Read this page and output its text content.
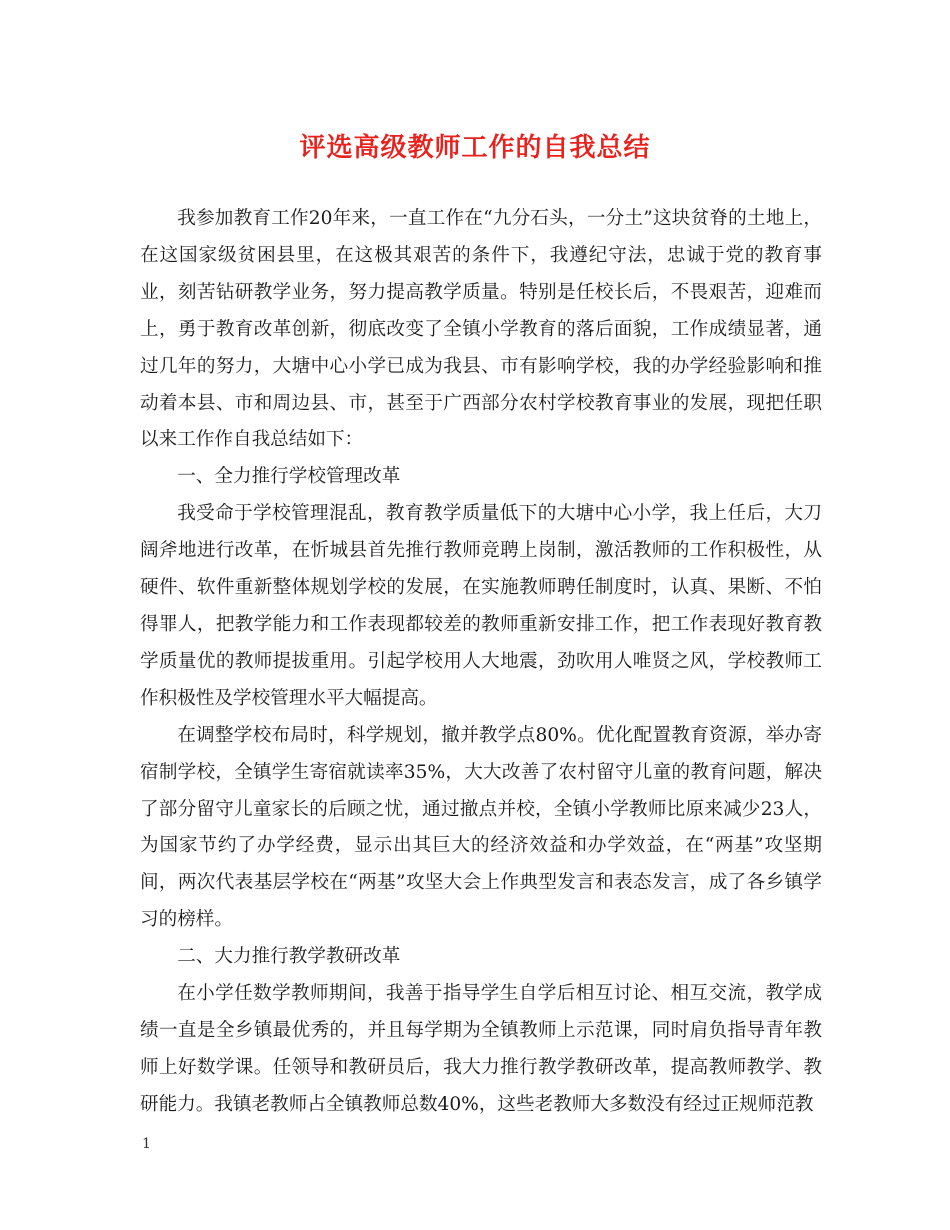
评选高级教师工作的自我总结

我参加教育工作20年来，一直工作在“九分石头，一分土”这块贫脊的土地上，在这国家级贫困县里，在这极其艰苦的条件下，我遵纪守法，忠诚于党的教育事业，刻苦钻研教学业务，努力提高教学质量。特别是任校长后，不畏艰苦，迎难而上，勇于教育改革创新，彻底改变了全镇小学教育的落后面貌，工作成绩显著，通过几年的努力，大塘中心小学已成为我县、市有影响学校，我的办学经验影响和推动着本县、市和周边县、市，甚至于广西部分农村学校教育事业的发展，现把任职以来工作作自我总结如下：

一、全力推行学校管理改革

我受命于学校管理混乱，教育教学质量低下的大塘中心小学，我上任后，大刀阔斧地进行改革，在忻城县首先推行教师竞聘上岗制，激活教师的工作积极性，从硬件、软件重新整体规划学校的发展，在实施教师聘任制度时，认真、果断、不怕得罪人，把教学能力和工作表现都较差的教师重新安排工作，把工作表现好教育教学质量优的教师提拔重用。引起学校用人大地震，劲吹用人唯贤之风，学校教师工作积极性及学校管理水平大幅提高。

在调整学校布局时，科学规划，撤并教学点80%。优化配置教育资源，举办寄宿制学校，全镇学生寄宿就读率35%，大大改善了农村留守儿童的教育问题，解决了部分留守儿童家长的后顾之忧，通过撤点并校，全镇小学教师比原来减少23人，为国家节约了办学经费，显示出其巨大的经济效益和办学效益，在“两基”攻坚期间，两次代表基层学校在“两基”攻坚大会上作典型发言和表态发言，成了各乡镇学习的榜样。

二、大力推行教学教研改革

在小学任数学教师期间，我善于指导学生自学后相互讨论、相互交流，教学成绩一直是全乡镇最优秀的，并且每学期为全镇教师上示范课，同时肩负指导青年教师上好数学课。任领导和教研员后，我大力推行教学教研改革，提高教师教学、教研能力。我镇老教师占全镇教师总数40%，这些老教师大多数没有经过正规师范教

1
